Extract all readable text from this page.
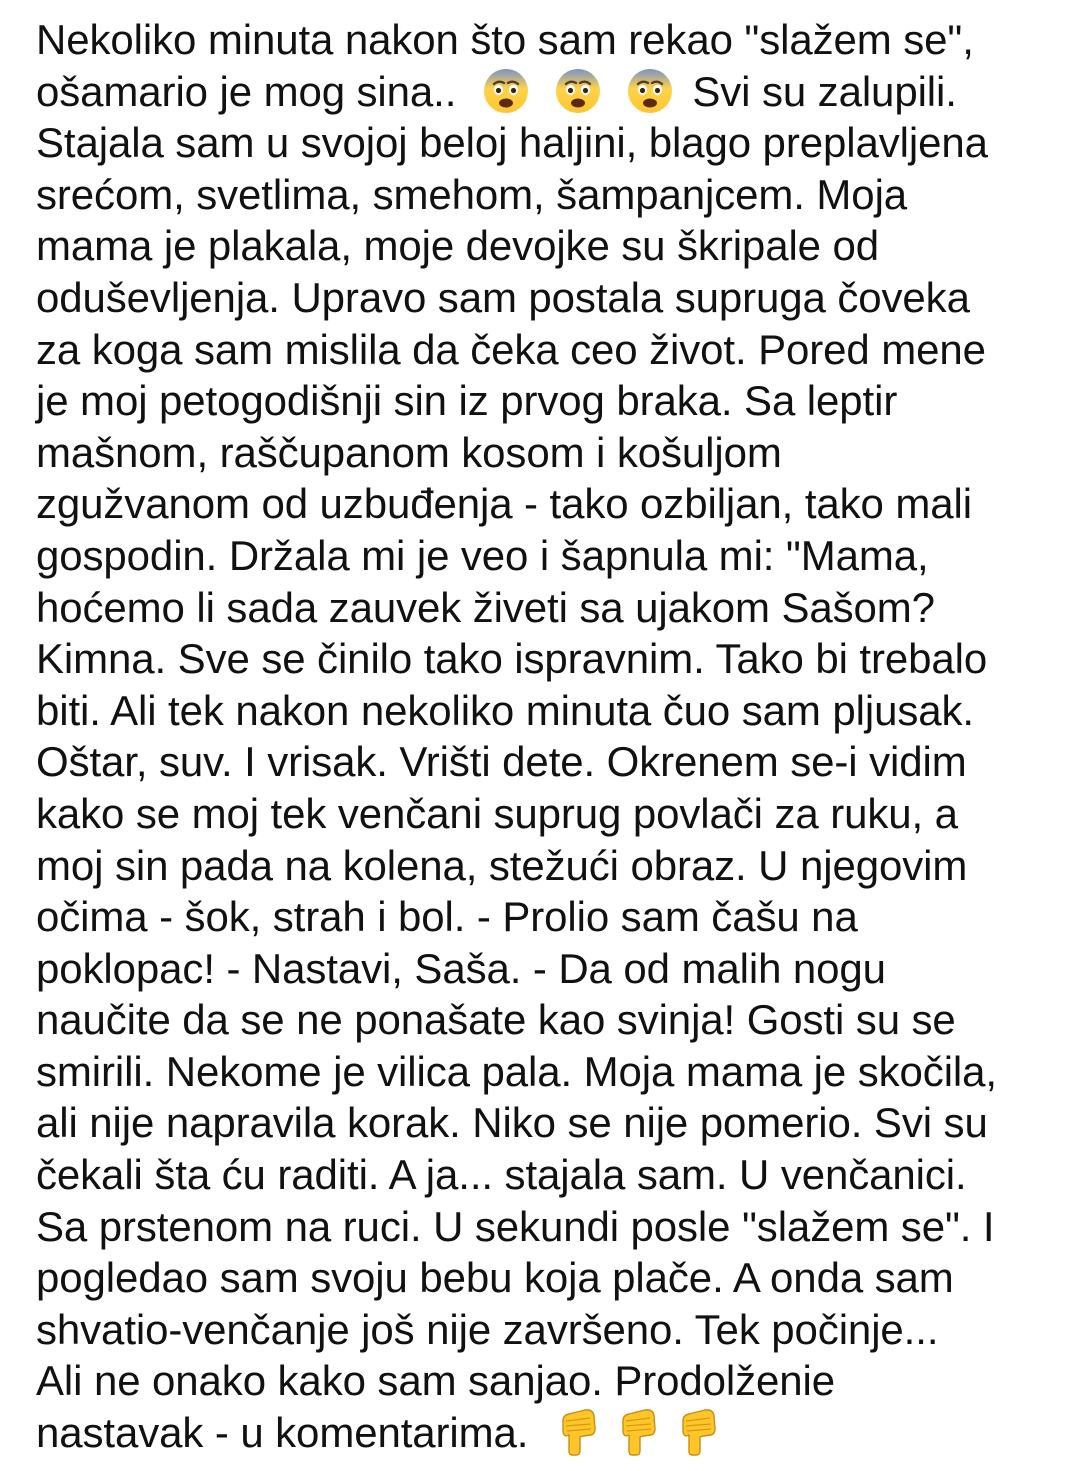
Nekoliko minuta nakon što sam rekao "slažem se",
ošamario je mog sina..	Svi su zalupili.
Stajala sam u svojoj beloj haljini, blago preplavljena
srećom, svetlima, smehom, šampanjcem. Moja
mama je plakala, moje devojke su škripale od
oduševljenja. Upravo sam postala supruga čoveka
za koga sam mislila da čeka ceo život. Pored mene
je moj petogodišnji sin iz prvog braka. Sa leptir
mašnom, raščupanom kosom i košuljom
zgužvanom od uzbuđenja - tako ozbiljan, tako mali
gospodin. Držala mi je veo i šapnula mi: "Mama,
hoćemo li sada zauvek živeti sa ujakom Sašom?
Kimna. Sve se činilo tako ispravnim. Tako bi trebalo
biti. Ali tek nakon nekoliko minuta čuo sam pljusak.
Oštar, suv. I vrisak. Vrišti dete. Okrenem se-i vidim
kako se moj tek venčani suprug povlači za ruku, a
moj sin pada na kolena, stežući obraz. U njegovim
očima - šok, strah i bol. - Prolio sam čašu na
poklopac! - Nastavi, Saša. - Da od malih nogu
naučite da se ne ponašate kao svinja! Gosti su se
smirili. Nekome je vilica pala. Moja mama je skočila,
ali nije napravila korak. Niko se nije pomerio. Svi su
čekali šta ću raditi. A ja... stajala sam. U venčanici.
Sa prstenom na ruci. U sekundi posle "slažem se". I
pogledao sam svoju bebu koja plače. A onda sam
shvatio-venčanje još nije završeno. Tek počinje...
Ali ne onako kako sam sanjao. Prodolženie
nastavak - u komentarima.
